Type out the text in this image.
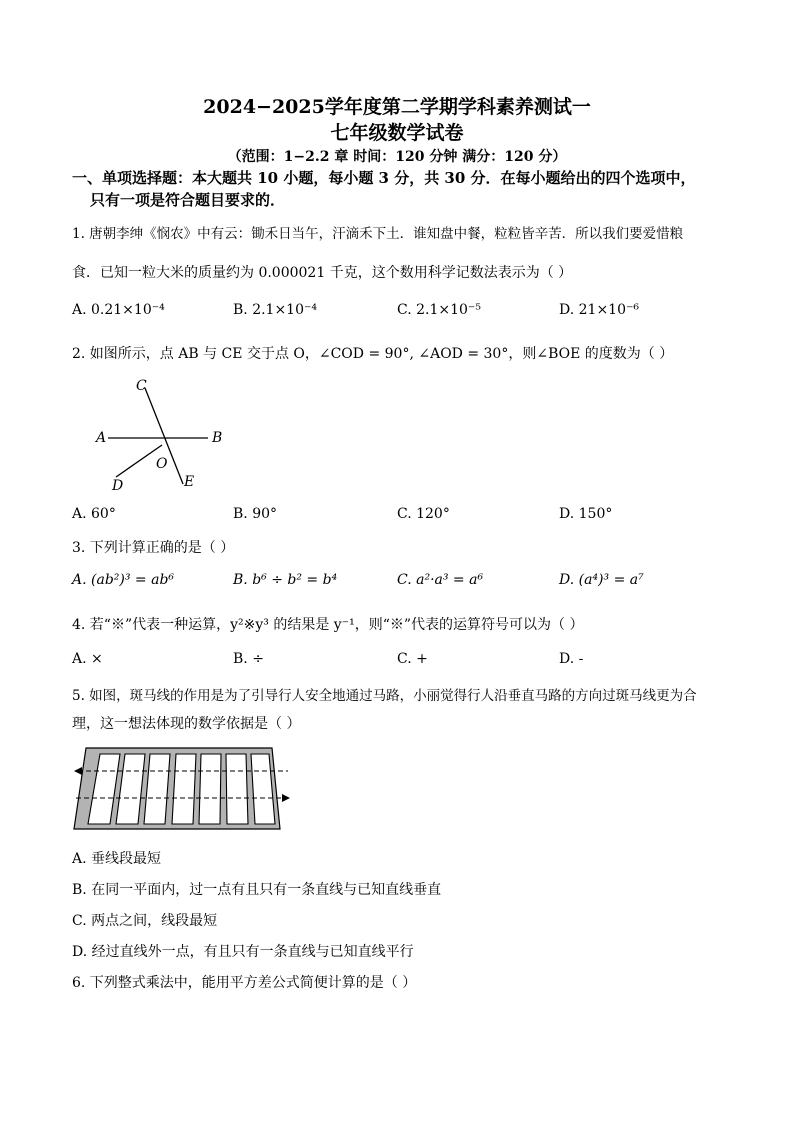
2024−2025学年度第二学期学科素养测试一
七年级数学试卷
（范围：1−2.2 章 时间：120 分钟 满分：120 分）
一、单项选择题：本大题共 10 小题，每小题 3 分，共 30 分．在每小题给出的四个选项中，
只有一项是符合题目要求的．
1. 唐朝李绅《悯农》中有云：锄禾日当午，汗滴禾下土．谁知盘中餐，粒粒皆辛苦．所以我们要爱惜粮
食．已知一粒大米的质量约为 0.000021 千克，这个数用科学记数法表示为（ ）
A. 0.21×10⁻⁴	B. 2.1×10⁻⁴	C. 2.1×10⁻⁵	D. 21×10⁻⁶
2. 如图所示，点 AB 与 CE 交于点 O，∠COD = 90°, ∠AOD = 30°，则∠BOE 的度数为（ ）
C
A	B
O
D	E
A. 60°	B. 90°	C. 120°	D. 150°
3. 下列计算正确的是（ ）
A. (ab²)³ = ab⁶	B. b⁶ ÷ b² = b⁴	C. a²·a³ = a⁶	D. (a⁴)³ = a⁷
4. 若“※”代表一种运算，y²※y³ 的结果是 y⁻¹，则“※”代表的运算符号可以为（ ）
A. ×	B. ÷	C. +	D. -
5. 如图，斑马线的作用是为了引导行人安全地通过马路，小丽觉得行人沿垂直马路的方向过斑马线更为合
理，这一想法体现的数学依据是（ ）
A. 垂线段最短
B. 在同一平面内，过一点有且只有一条直线与已知直线垂直
C. 两点之间，线段最短
D. 经过直线外一点，有且只有一条直线与已知直线平行
6. 下列整式乘法中，能用平方差公式简便计算的是（ ）
